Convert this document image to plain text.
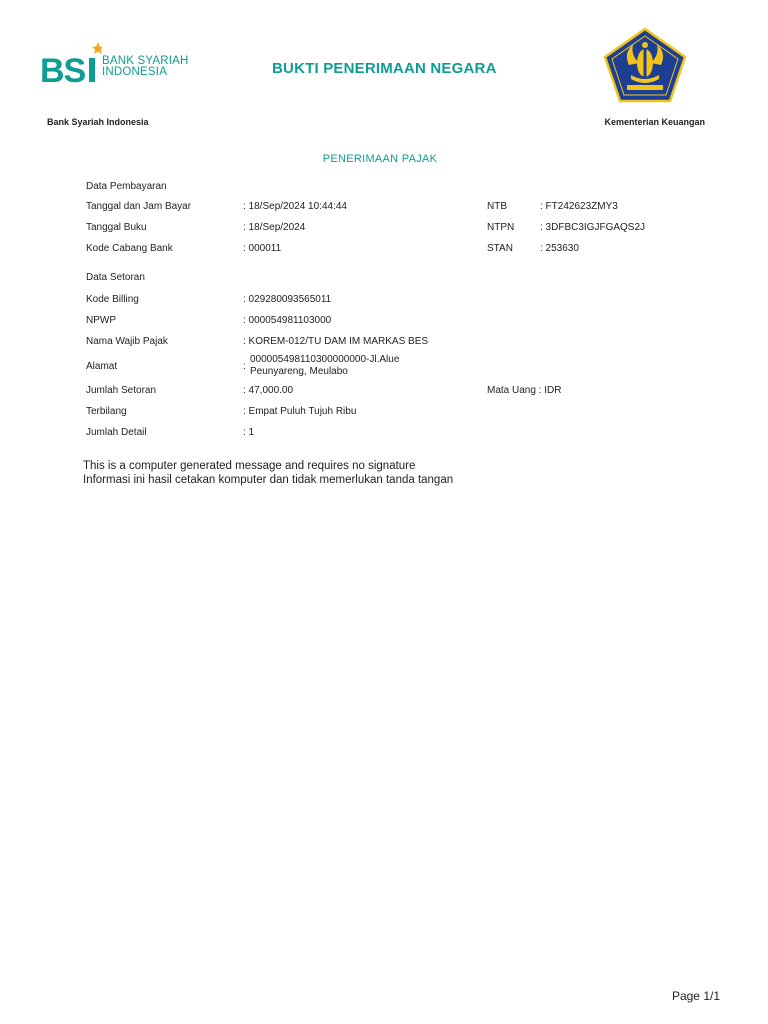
BS BANK SYARIAH
INDONESIA	BUKTI PENERIMAAN NEGARA
Bank Syariah Indonesia	Kementerian Keuangan
PENERIMAAN PAJAK
Data Pembayaran
Tanggal dan Jam Bayar	: 18/Sep/2024 10:44:44	NTB	: FT242623ZMY3
Tanggal Buku	: 18/Sep/2024	NTPN	: 3DFBC3IGJFGAQS2J
Kode Cabang Bank	: 000011	STAN	: 253630
Data Setoran
Kode Billing	: 029280093565011
NPWP	: 000054981103000
Nama Wajib Pajak	: KOREM-012/TU DAM IM MARKAS BES
Alamat	:
000005498110300000000-Jl.Alue
Peunyareng, Meulabo
Jumlah Setoran	: 47,000.00	Mata Uang : IDR
Terbilang	: Empat Puluh Tujuh Ribu
Jumlah Detail	: 1
This is a computer generated message and requires no signature
Informasi ini hasil cetakan komputer dan tidak memerlukan tanda tangan
Page 1/1
